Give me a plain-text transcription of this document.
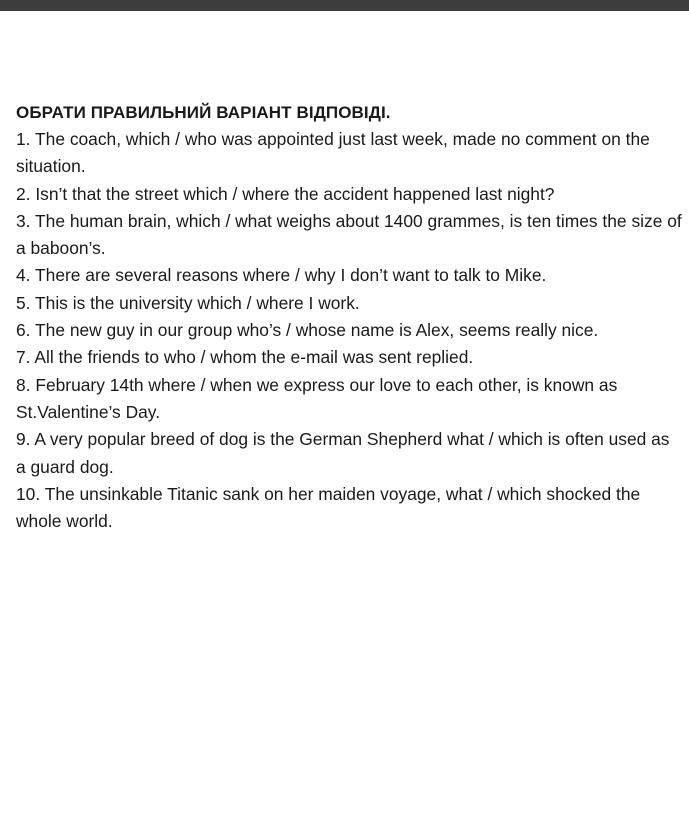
ОБРАТИ ПРАВИЛЬНИЙ ВАРІАНТ ВІДПОВІДІ.

1. The coach, which / who was appointed just last week, made no comment on the situation.

2. Isn’t that the street which / where the accident happened last night?

3. The human brain, which / what weighs about 1400 grammes, is ten times the size of a baboon’s.

4. There are several reasons where / why I don’t want to talk to Mike.

5. This is the university which / where I work.

6. The new guy in our group who’s / whose name is Alex, seems really nice.

7. All the friends to who / whom the e-mail was sent replied.

8. February 14th where / when we express our love to each other, is known as St.Valentine’s Day.

9. A very popular breed of dog is the German Shepherd what / which is often used as a guard dog.

10. The unsinkable Titanic sank on her maiden voyage, what / which shocked the whole world.
